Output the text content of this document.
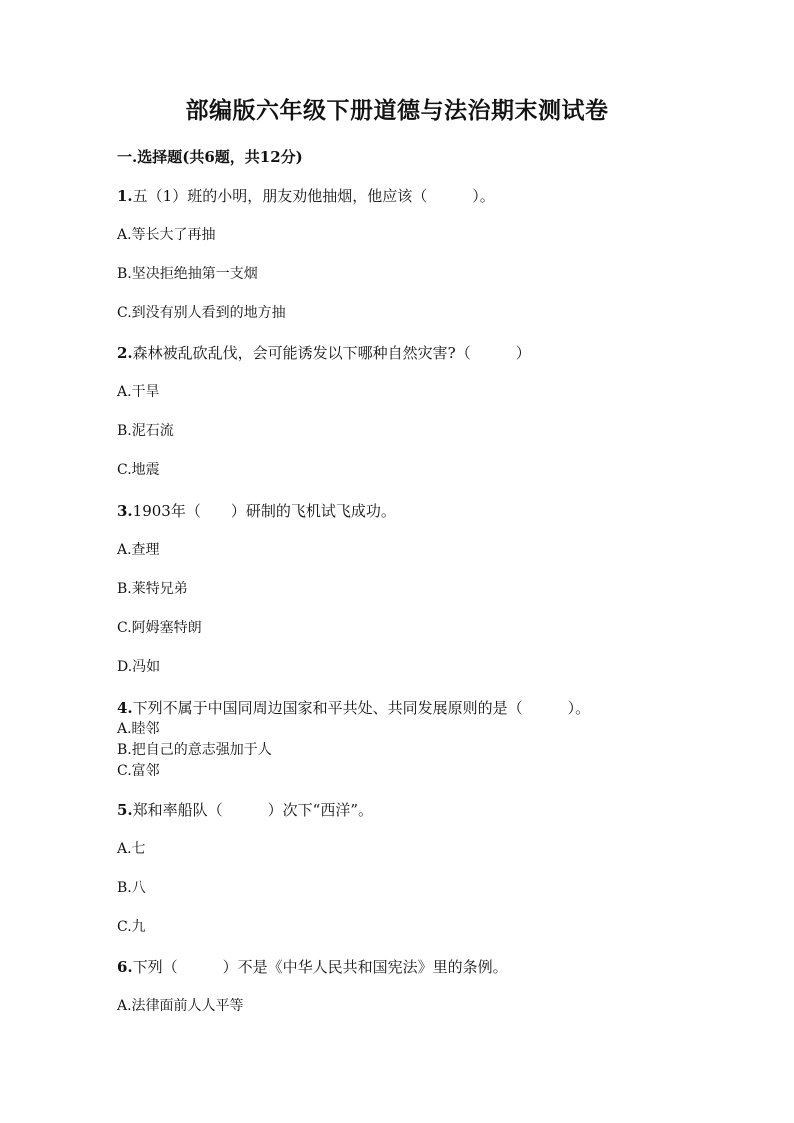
部编版六年级下册道德与法治期末测试卷
一.选择题(共6题，共12分)
1.五（1）班的小明，朋友劝他抽烟，他应该（　　　）。
A.等长大了再抽
B.坚决拒绝抽第一支烟
C.到没有别人看到的地方抽
2.森林被乱砍乱伐，会可能诱发以下哪种自然灾害?（　　　）
A.干旱
B.泥石流
C.地震
3.1903年（　　）研制的飞机试飞成功。
A.查理
B.莱特兄弟
C.阿姆塞特朗
D.冯如
4.下列不属于中国同周边国家和平共处、共同发展原则的是（　　　）。
A.睦邻
B.把自己的意志强加于人
C.富邻
5.郑和率船队（　　　）次下“西洋”。
A.七
B.八
C.九
6.下列（　　　）不是《中华人民共和国宪法》里的条例。
A.法律面前人人平等
